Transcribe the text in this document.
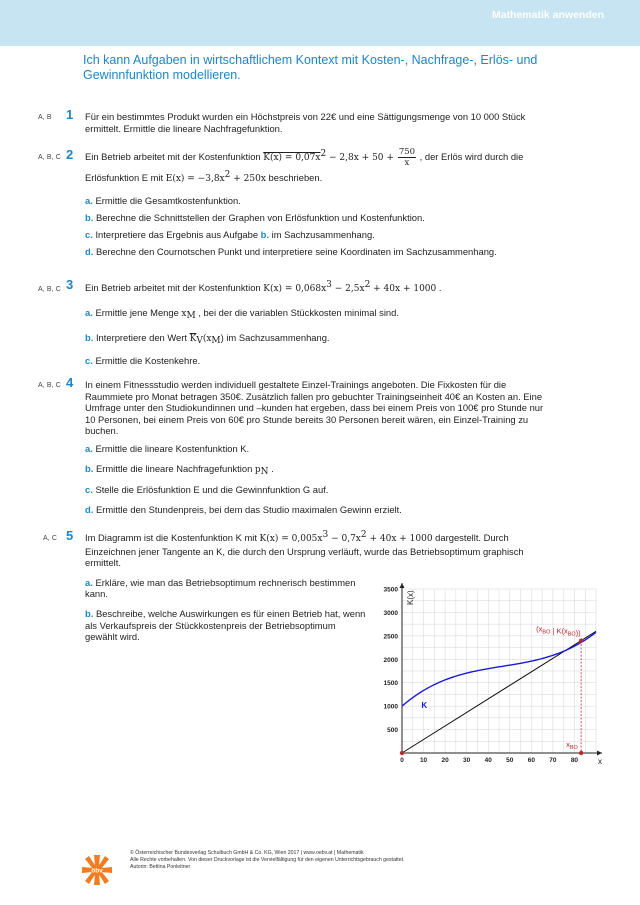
Mathematik anwenden
Ich kann Aufgaben in wirtschaftlichem Kontext mit Kosten-, Nachfrage-, Erlös- und Gewinnfunktion modellieren.
A, B 1 Für ein bestimmtes Produkt wurden ein Höchstpreis von 22€ und eine Sättigungsmenge von 10 000 Stück ermittelt. Ermittle die lineare Nachfragefunktion.
A, B, C 2 Ein Betrieb arbeitet mit der Kostenfunktion $K(x) = 0,07x^2 - 2,8x + 50 + \frac{750}{x}$ , der Erlös wird durch die
Erlösfunktion E mit $E(x) = -3,8x^2 + 250x$ beschrieben.
a. Ermittle die Gesamtkostenfunktion.
b. Berechne die Schnittstellen der Graphen von Erlösfunktion und Kostenfunktion.
c. Interpretiere das Ergebnis aus Aufgabe b. im Sachzusammenhang.
d. Berechne den Cournotschen Punkt und interpretiere seine Koordinaten im Sachzusammenhang.
A, B, C 3 Ein Betrieb arbeitet mit der Kostenfunktion $K(x) = 0,068x^3 - 2,5x^2 + 40x + 1000$ .
a. Ermittle jene Menge $x_M$ , bei der die variablen Stückkosten minimal sind.
b. Interpretiere den Wert $\overline{K}_V(x_M)$ im Sachzusammenhang.
c. Ermittle die Kostenkehre.
A, B, C 4 In einem Fitnessstudio werden individuell gestaltete Einzel-Trainings angeboten. Die Fixkosten für die Raummiete pro Monat betragen 350€. Zusätzlich fallen pro gebuchter Trainingseinheit 40€ an Kosten an. Eine Umfrage unter den Studiokundinnen und –kunden hat ergeben, dass bei einem Preis von 100€ pro Stunde nur 10 Personen, bei einem Preis von 60€ pro Stunde bereits 30 Personen bereit wären, ein Einzel-Training zu buchen.
a. Ermittle die lineare Kostenfunktion K.
b. Ermittle die lineare Nachfragefunktion $p_N$ .
c. Stelle die Erlösfunktion E und die Gewinnfunktion G auf.
d. Ermittle den Stundenpreis, bei dem das Studio maximalen Gewinn erzielt.
A, C 5 Im Diagramm ist die Kostenfunktion K mit $K(x) = 0,005x^3 - 0,7x^2 + 40x + 1000$ dargestellt. Durch Einzeichnen jener Tangente an K, die durch den Ursprung verläuft, wurde das Betriebsoptimum graphisch ermittelt.
a. Erkläre, wie man das Betriebsoptimum rechnerisch bestimmen kann.
b. Beschreibe, welche Auswirkungen es für einen Betrieb hat, wenn als Verkaufspreis der Stückkostenpreis der Betriebsoptimum gewählt wird.
0 10 20 30 40 50 60 70 80
500
1000
1500
2000
2500
3000
3500
x
K(x)
K
($x_{BO}$ | $K(x_{BO})$)
$x_{BO}$
öbv
© Österreichischer Bundesverlag Schulbuch GmbH & Co. KG, Wien 2017 | www.oebv.at | Mathematik
Alle Rechte vorbehalten. Von dieser Druckvorlage ist die Vervielfältigung für den eigenen Unterrichtsgebrauch gestattet.
Autorin: Bettina Ponleitner
